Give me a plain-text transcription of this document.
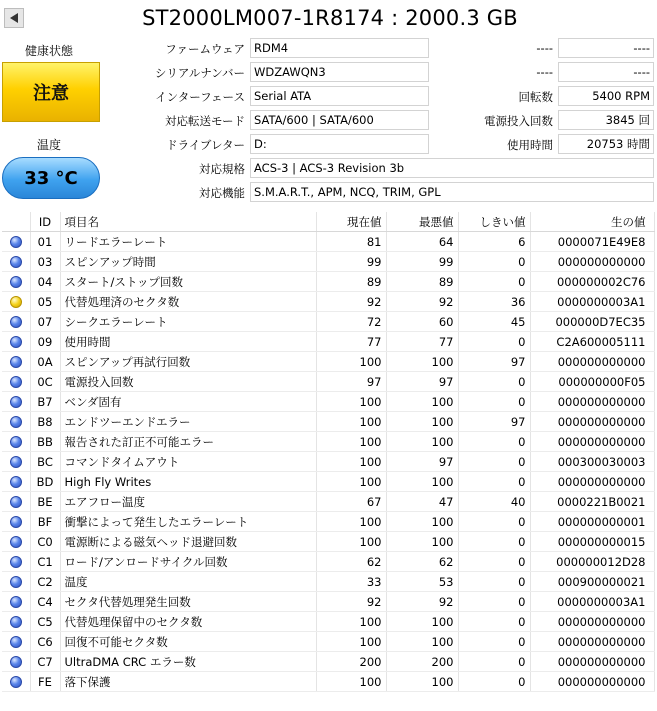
ST2000LM007-1R8174 : 2000.3 GB
健康状態
注意
温度
33 °C
ファームウェア RDM4
シリアルナンバー WDZAWQN3
インターフェース Serial ATA
対応転送モード SATA/600 | SATA/600
ドライブレター D:
対応規格 ACS-3 | ACS-3 Revision 3b
対応機能 S.M.A.R.T., APM, NCQ, TRIM, GPL
----	----
----	----
回転数	5400 RPM
電源投入回数	3845 回
使用時間	20753 時間
	ID	項目名	現在値	最悪値	しきい値	生の値
	01	リードエラーレート	81	64	6	0000071E49E8
	03	スピンアップ時間	99	99	0	000000000000
	04	スタート/ストップ回数	89	89	0	000000002C76
	05	代替処理済のセクタ数	92	92	36	0000000003A1
	07	シークエラーレート	72	60	45	000000D7EC35
	09	使用時間	77	77	0	C2A600005111
	0A	スピンアップ再試行回数	100	100	97	000000000000
	0C	電源投入回数	97	97	0	000000000F05
	B7	ベンダ固有	100	100	0	000000000000
	B8	エンドツーエンドエラー	100	100	97	000000000000
	BB	報告された訂正不可能エラー	100	100	0	000000000000
	BC	コマンドタイムアウト	100	97	0	000300030003
	BD	High Fly Writes	100	100	0	000000000000
	BE	エアフロー温度	67	47	40	0000221B0021
	BF	衝撃によって発生したエラーレート	100	100	0	000000000001
	C0	電源断による磁気ヘッド退避回数	100	100	0	000000000015
	C1	ロード/アンロードサイクル回数	62	62	0	000000012D28
	C2	温度	33	53	0	000900000021
	C4	セクタ代替処理発生回数	92	92	0	0000000003A1
	C5	代替処理保留中のセクタ数	100	100	0	000000000000
	C6	回復不可能セクタ数	100	100	0	000000000000
	C7	UltraDMA CRC エラー数	200	200	0	000000000000
	FE	落下保護	100	100	0	000000000000
